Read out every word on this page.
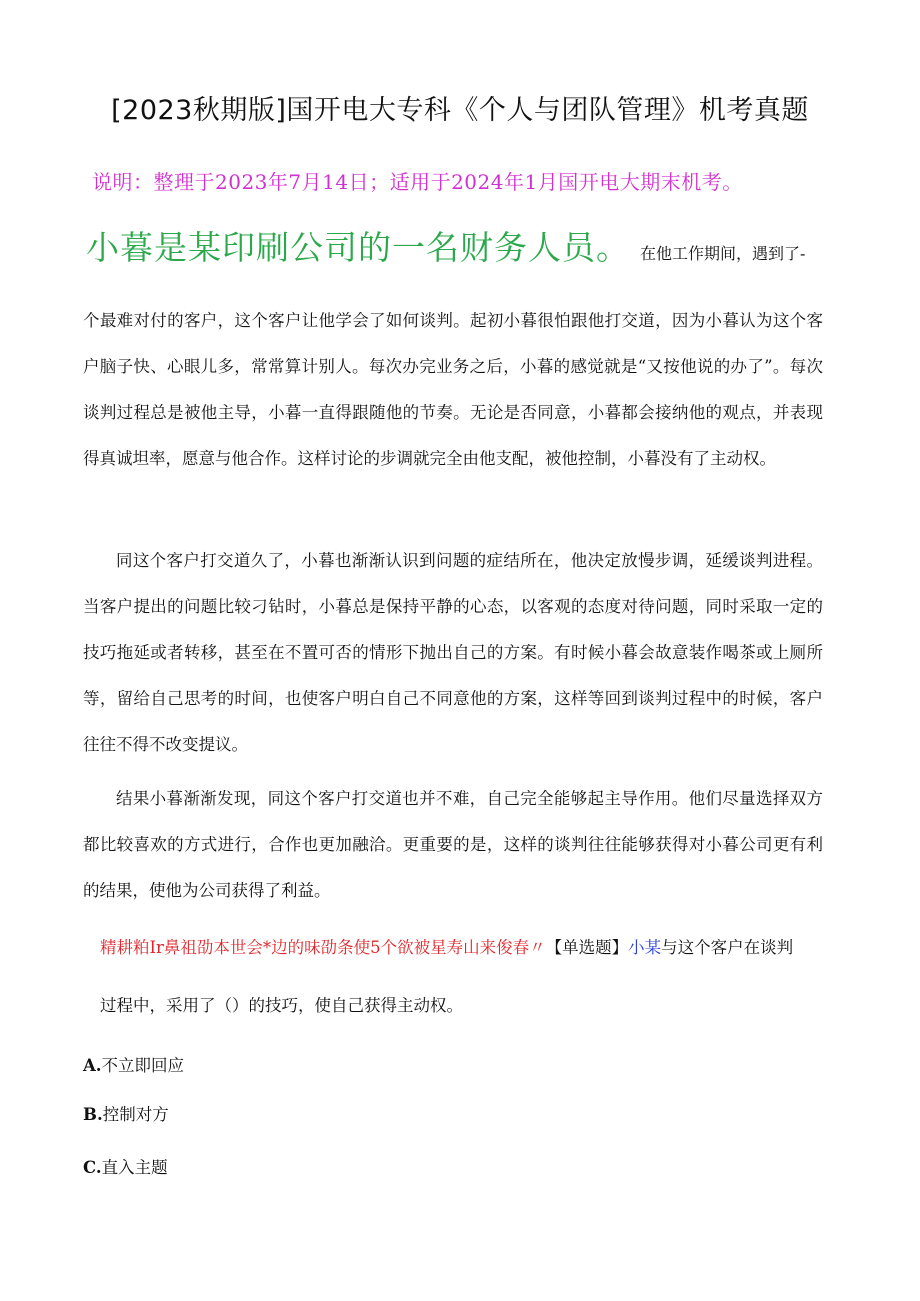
[2023秋期版]国开电大专科《个人与团队管理》机考真题
说明：整理于2023年7月14日；适用于2024年1月国开电大期末机考。
小暮是某印刷公司的一名财务人员。 在他工作期间，遇到了-
个最难对付的客户，这个客户让他学会了如何谈判。起初小暮很怕跟他打交道，因为小暮认为这个客户脑子快、心眼儿多，常常算计别人。每次办完业务之后，小暮的感觉就是“又按他说的办了”。每次谈判过程总是被他主导，小暮一直得跟随他的节奏。无论是否同意，小暮都会接纳他的观点，并表现得真诚坦率，愿意与他合作。这样讨论的步调就完全由他支配，被他控制，小暮没有了主动权。
同这个客户打交道久了，小暮也渐渐认识到问题的症结所在，他决定放慢步调，延缓谈判进程。当客户提出的问题比较刁钻时，小暮总是保持平静的心态，以客观的态度对待问题，同时采取一定的技巧拖延或者转移，甚至在不置可否的情形下抛出自己的方案。有时候小暮会故意装作喝茶或上厕所等，留给自己思考的时间，也使客户明白自己不同意他的方案，这样等回到谈判过程中的时候，客户往往不得不改变提议。
结果小暮渐渐发现，同这个客户打交道也并不难，自己完全能够起主导作用。他们尽量选择双方都比较喜欢的方式进行，合作也更加融洽。更重要的是，这样的谈判往往能够获得对小暮公司更有利的结果，使他为公司获得了利益。
精耕粕Ir鼻祖劭本世会*边的味劭条使5个欲被星寿山来俊春〃【单选题】小某与这个客户在谈判
过程中，采用了（）的技巧，使自己获得主动权。
A.不立即回应
B.控制对方
C.直入主题
